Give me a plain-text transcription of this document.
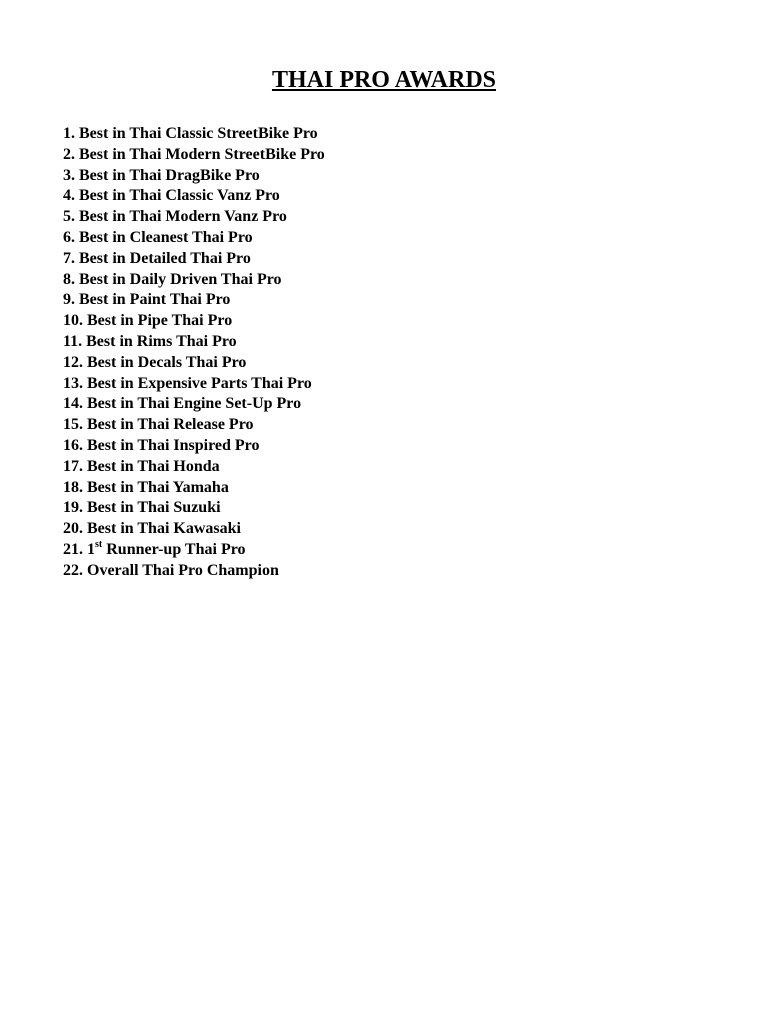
THAI PRO AWARDS
1. Best in Thai Classic StreetBike Pro
2. Best in Thai Modern StreetBike Pro
3. Best in Thai DragBike Pro
4. Best in Thai Classic Vanz Pro
5. Best in Thai Modern Vanz Pro
6. Best in Cleanest Thai Pro
7. Best in Detailed Thai Pro
8. Best in Daily Driven Thai Pro
9. Best in Paint Thai Pro
10. Best in Pipe Thai Pro
11. Best in Rims Thai Pro
12. Best in Decals Thai Pro
13. Best in Expensive Parts Thai Pro
14. Best in Thai Engine Set-Up Pro
15. Best in Thai Release Pro
16. Best in Thai Inspired Pro
17. Best in Thai Honda
18. Best in Thai Yamaha
19. Best in Thai Suzuki
20. Best in Thai Kawasaki
21. 1st Runner-up Thai Pro
22. Overall Thai Pro Champion
